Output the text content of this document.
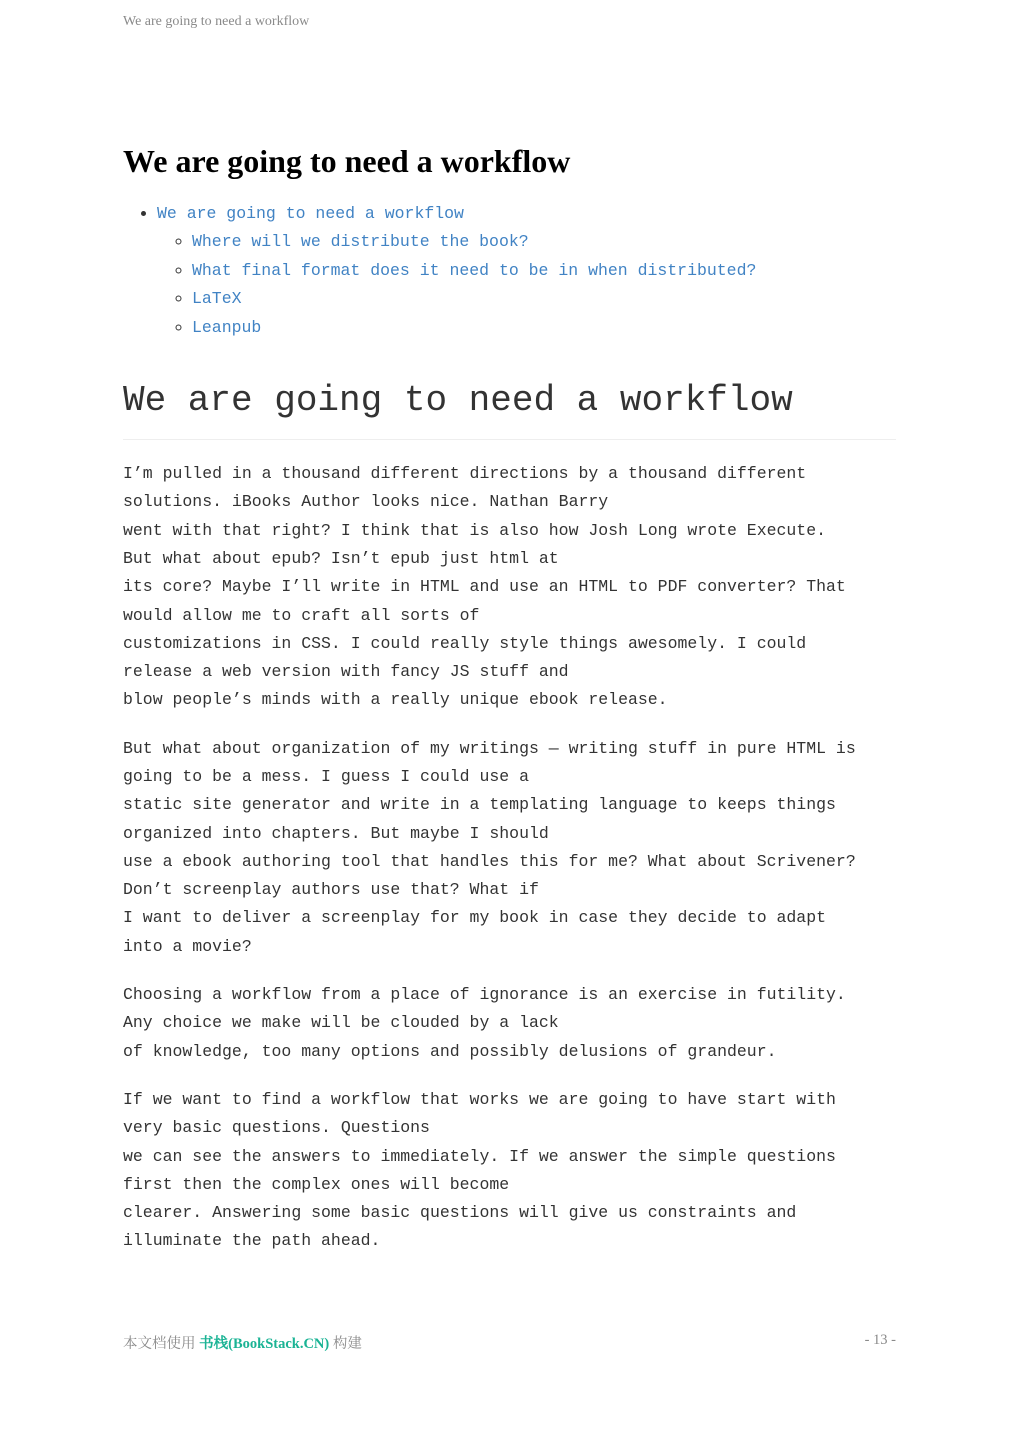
We are going to need a workflow
We are going to need a workflow
• We are going to need a workflow
◦ Where will we distribute the book?
◦ What final format does it need to be in when distributed?
◦ LaTeX
◦ Leanpub
We are going to need a workflow

I’m pulled in a thousand different directions by a thousand different
solutions. iBooks Author looks nice. Nathan Barry
went with that right? I think that is also how Josh Long wrote Execute.
But what about epub? Isn’t epub just html at
its core? Maybe I’ll write in HTML and use an HTML to PDF converter? That
would allow me to craft all sorts of
customizations in CSS. I could really style things awesomely. I could
release a web version with fancy JS stuff and
blow people’s minds with a really unique ebook release.

But what about organization of my writings — writing stuff in pure HTML is
going to be a mess. I guess I could use a
static site generator and write in a templating language to keeps things
organized into chapters. But maybe I should
use a ebook authoring tool that handles this for me? What about Scrivener?
Don’t screenplay authors use that? What if
I want to deliver a screenplay for my book in case they decide to adapt
into a movie?

Choosing a workflow from a place of ignorance is an exercise in futility.
Any choice we make will be clouded by a lack
of knowledge, too many options and possibly delusions of grandeur.

If we want to find a workflow that works we are going to have start with
very basic questions. Questions
we can see the answers to immediately. If we answer the simple questions
first then the complex ones will become
clearer. Answering some basic questions will give us constraints and
illuminate the path ahead.

本文档使用 书栈(BookStack.CN) 构建	- 13 -
